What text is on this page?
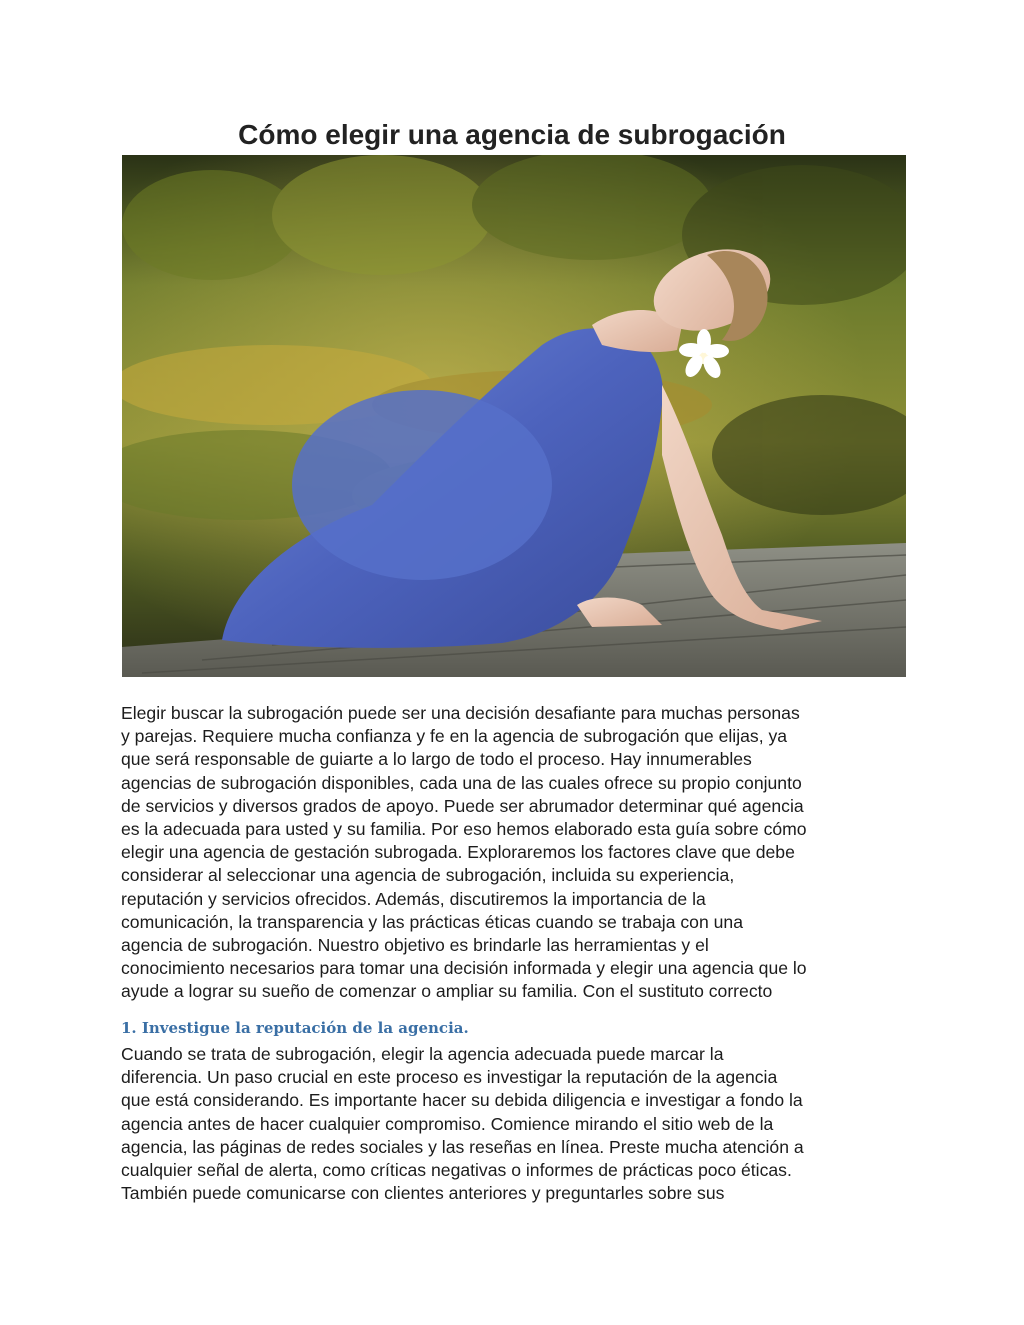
Cómo elegir una agencia de subrogación

Elegir buscar la subrogación puede ser una decisión desafiante para muchas personas
y parejas. Requiere mucha confianza y fe en la agencia de subrogación que elijas, ya
que será responsable de guiarte a lo largo de todo el proceso. Hay innumerables
agencias de subrogación disponibles, cada una de las cuales ofrece su propio conjunto
de servicios y diversos grados de apoyo. Puede ser abrumador determinar qué agencia
es la adecuada para usted y su familia. Por eso hemos elaborado esta guía sobre cómo
elegir una agencia de gestación subrogada. Exploraremos los factores clave que debe
considerar al seleccionar una agencia de subrogación, incluida su experiencia,
reputación y servicios ofrecidos. Además, discutiremos la importancia de la
comunicación, la transparencia y las prácticas éticas cuando se trabaja con una
agencia de subrogación. Nuestro objetivo es brindarle las herramientas y el
conocimiento necesarios para tomar una decisión informada y elegir una agencia que lo
ayude a lograr su sueño de comenzar o ampliar su familia. Con el sustituto correcto

1. Investigue la reputación de la agencia.

Cuando se trata de subrogación, elegir la agencia adecuada puede marcar la
diferencia. Un paso crucial en este proceso es investigar la reputación de la agencia
que está considerando. Es importante hacer su debida diligencia e investigar a fondo la
agencia antes de hacer cualquier compromiso. Comience mirando el sitio web de la
agencia, las páginas de redes sociales y las reseñas en línea. Preste mucha atención a
cualquier señal de alerta, como críticas negativas o informes de prácticas poco éticas.
También puede comunicarse con clientes anteriores y preguntarles sobre sus
